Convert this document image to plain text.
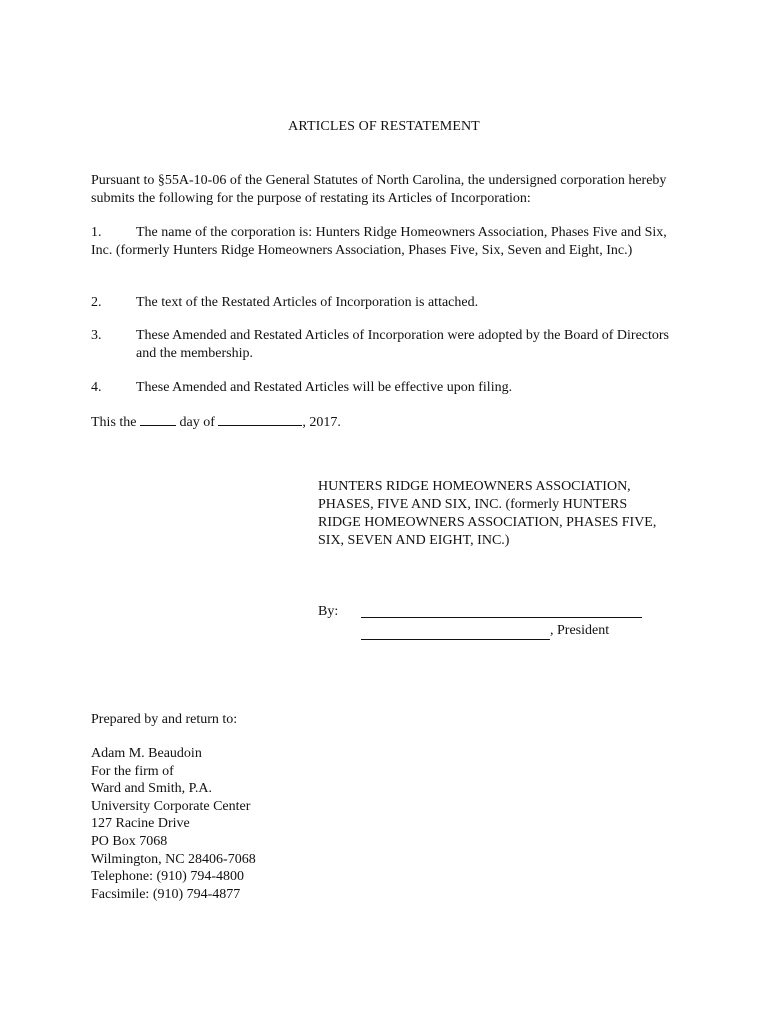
ARTICLES OF RESTATEMENT
Pursuant to §55A-10-06 of the General Statutes of North Carolina, the undersigned corporation hereby submits the following for the purpose of restating its Articles of Incorporation:
1. The name of the corporation is: Hunters Ridge Homeowners Association, Phases Five and Six, Inc. (formerly Hunters Ridge Homeowners Association, Phases Five, Six, Seven and Eight, Inc.)
2. The text of the Restated Articles of Incorporation is attached.
3. These Amended and Restated Articles of Incorporation were adopted by the Board of Directors and the membership.
4. These Amended and Restated Articles will be effective upon filing.
This the	day of	, 2017.
HUNTERS RIDGE HOMEOWNERS ASSOCIATION, PHASES, FIVE AND SIX, INC. (formerly HUNTERS RIDGE HOMEOWNERS ASSOCIATION, PHASES FIVE, SIX, SEVEN AND EIGHT, INC.)
By:
, President
Prepared by and return to:
Adam M. Beaudoin
For the firm of
Ward and Smith, P.A.
University Corporate Center
127 Racine Drive
PO Box 7068
Wilmington, NC 28406-7068
Telephone: (910) 794-4800
Facsimile: (910) 794-4877
